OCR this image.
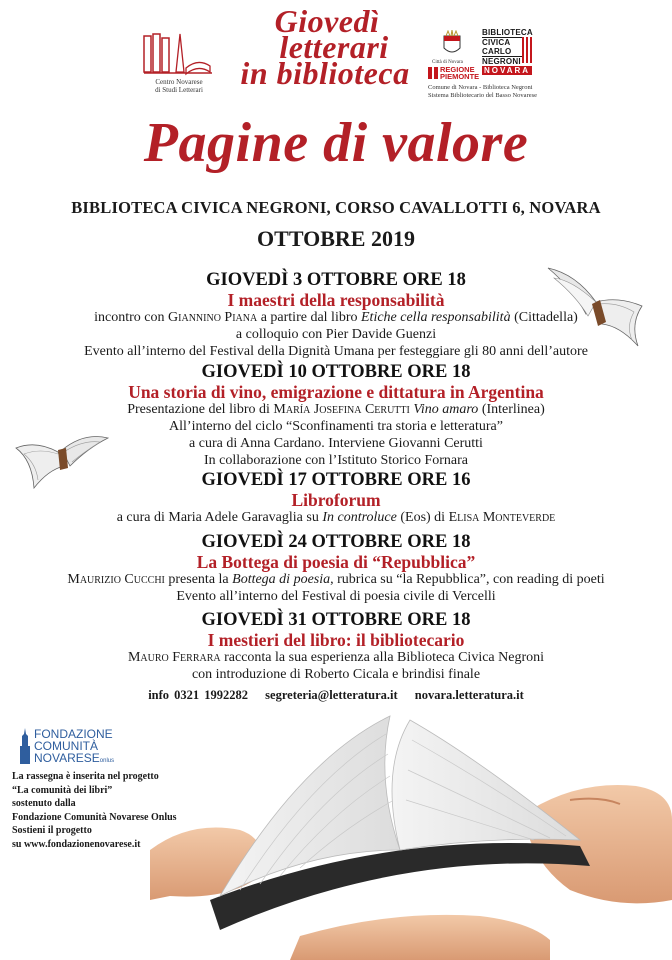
Centro Novarese
di Studi Letterari
Giovedì
letterari
in biblioteca	Città di Novara
REGIONE
PIEMONTE
BIBLIOTECA
CIVICA
CARLO
NEGRONI
NOVARA
Comune di Novara - Biblioteca Negroni
Sistema Bibliotecario del Basso Novarese
Pagine di valore
BIBLIOTECA CIVICA NEGRONI, CORSO CAVALLOTTI 6, NOVARA
OTTOBRE 2019
GIOVEDÌ 3 OTTOBRE ORE 18
I maestri della responsabilità
incontro con Giannino Piana a partire dal libro Etiche cella responsabilità (Cittadella)
a colloquio con Pier Davide Guenzi
Evento all’interno del Festival della Dignità Umana per festeggiare gli 80 anni dell’autore
GIOVEDÌ 10 OTTOBRE ORE 18
Una storia di vino, emigrazione e dittatura in Argentina
Presentazione del libro di María Josefina Cerutti Vino amaro (Interlinea)
All’interno del ciclo “Sconfinamenti tra storia e letteratura”
a cura di Anna Cardano. Interviene Giovanni Cerutti
In collaborazione con l’Istituto Storico Fornara
GIOVEDÌ 17 OTTOBRE ORE 16
Libroforum
a cura di Maria Adele Garavaglia su In controluce (Eos) di Elisa Monteverde
GIOVEDÌ 24 OTTOBRE ORE 18
La Bottega di poesia di “Repubblica”
Maurizio Cucchi presenta la Bottega di poesia, rubrica su “la Repubblica”, con reading di poeti
Evento all’interno del Festival di poesia civile di Vercelli
GIOVEDÌ 31 OTTOBRE ORE 18
I mestieri del libro: il bibliotecario
Mauro Ferrara racconta la sua esperienza alla Biblioteca Civica Negroni
con introduzione di Roberto Cicala e brindisi finale
info 0321 1992282 segreteria@letteratura.it novara.letteratura.it
FONDAZIONE
COMUNITÀ
NOVARESEonlus
La rassegna è inserita nel progetto
“La comunità dei libri”
sostenuto dalla
Fondazione Comunità Novarese Onlus
Sostieni il progetto
su www.fondazionenovarese.it
